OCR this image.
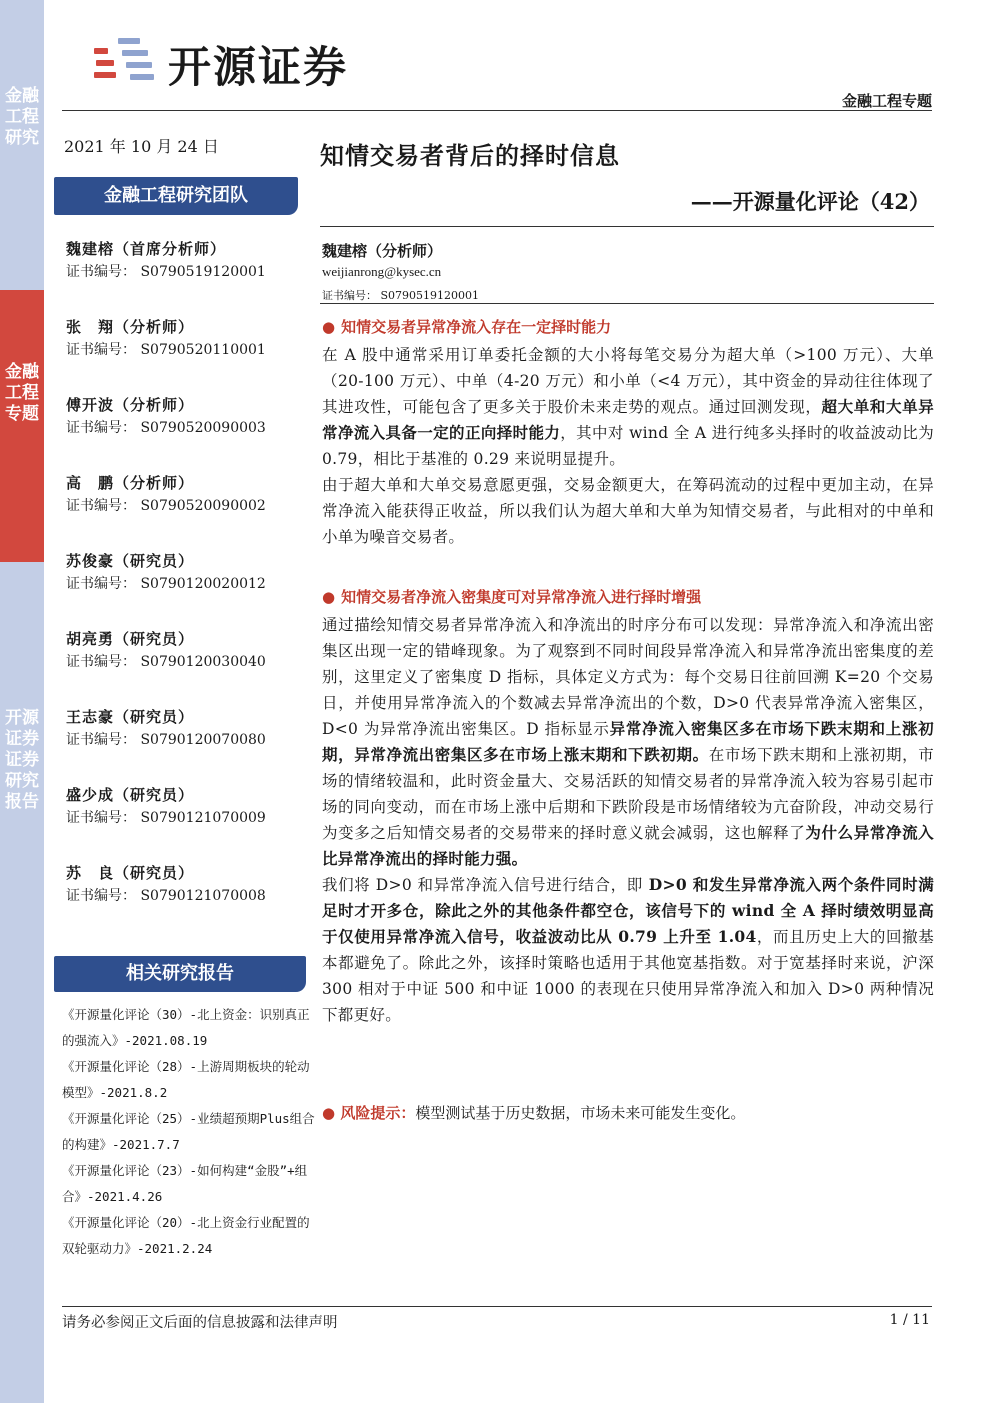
金融工程研究
金融工程专题
开源证券 证券研究报告
开源证券
金融工程专题
2021 年 10 月 24 日	知情交易者背后的择时信息
——开源量化评论（42）
金融工程研究团队
魏建榕（首席分析师）
证书编号： S0790519120001
张　翔（分析师）
证书编号： S0790520110001
傅开波（分析师）
证书编号： S0790520090003
高　鹏（分析师）
证书编号： S0790520090002
苏俊豪（研究员）
证书编号： S0790120020012
胡亮勇（研究员）
证书编号： S0790120030040
王志豪（研究员）
证书编号： S0790120070080
盛少成（研究员）
证书编号： S0790121070009
苏　良（研究员）
证书编号： S0790121070008
相关研究报告
《开源量化评论（30）-北上资金：识别真正的强流入》-2021.08.19
《开源量化评论（28）-上游周期板块的轮动模型》-2021.8.2
《开源量化评论（25）-业绩超预期Plus组合的构建》-2021.7.7
《开源量化评论（23）-如何构建“金股”+组合》-2021.4.26
《开源量化评论（20）-北上资金行业配置的双轮驱动力》-2021.2.24
魏建榕（分析师）
weijianrong@kysec.cn
证书编号： S0790519120001
● 知情交易者异常净流入存在一定择时能力
在 A 股中通常采用订单委托金额的大小将每笔交易分为超大单（>100 万元）、大单（20-100 万元）、中单（4-20 万元）和小单（<4 万元），其中资金的异动往往体现了其进攻性，可能包含了更多关于股价未来走势的观点。通过回测发现，超大单和大单异常净流入具备一定的正向择时能力，其中对 wind 全 A 进行纯多头择时的收益波动比为 0.79，相比于基准的 0.29 来说明显提升。
由于超大单和大单交易意愿更强，交易金额更大，在筹码流动的过程中更加主动，在异常净流入能获得正收益，所以我们认为超大单和大单为知情交易者，与此相对的中单和小单为噪音交易者。
● 知情交易者净流入密集度可对异常净流入进行择时增强
通过描绘知情交易者异常净流入和净流出的时序分布可以发现：异常净流入和净流出密集区出现一定的错峰现象。为了观察到不同时间段异常净流入和异常净流出密集度的差别，这里定义了密集度 D 指标，具体定义方式为：每个交易日往前回溯 K=20 个交易日，并使用异常净流入的个数减去异常净流出的个数，D>0 代表异常净流入密集区，D<0 为异常净流出密集区。D 指标显示异常净流入密集区多在市场下跌末期和上涨初期，异常净流出密集区多在市场上涨末期和下跌初期。在市场下跌末期和上涨初期，市场的情绪较温和，此时资金量大、交易活跃的知情交易者的异常净流入较为容易引起市场的同向变动，而在市场上涨中后期和下跌阶段是市场情绪较为亢奋阶段，冲动交易行为变多之后知情交易者的交易带来的择时意义就会减弱，这也解释了为什么异常净流入比异常净流出的择时能力强。
我们将 D>0 和异常净流入信号进行结合，即 D>0 和发生异常净流入两个条件同时满足时才开多仓，除此之外的其他条件都空仓，该信号下的 wind 全 A 择时绩效明显高于仅使用异常净流入信号，收益波动比从 0.79 上升至 1.04，而且历史上大的回撤基本都避免了。除此之外，该择时策略也适用于其他宽基指数。对于宽基择时来说，沪深 300 相对于中证 500 和中证 1000 的表现在只使用异常净流入和加入 D>0 两种情况下都更好。
● 风险提示：模型测试基于历史数据，市场未来可能发生变化。
请务必参阅正文后面的信息披露和法律声明	1 / 11
